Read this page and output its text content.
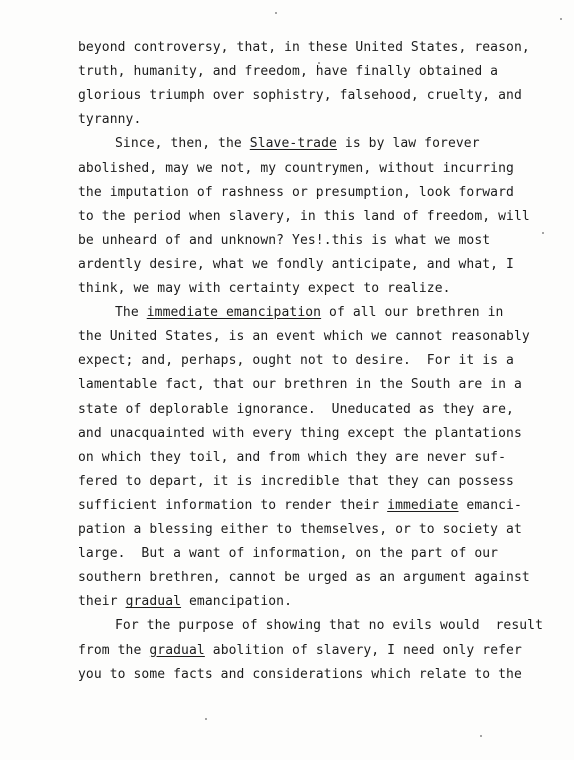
beyond controversy, that, in these United States, reason,
truth, humanity, and freedom, have finally obtained a
glorious triumph over sophistry, falsehood, cruelty, and
tyranny.
Since, then, the Slave-trade is by law forever
abolished, may we not, my countrymen, without incurring
the imputation of rashness or presumption, look forward
to the period when slavery, in this land of freedom, will
be unheard of and unknown? Yes!.this is what we most
ardently desire, what we fondly anticipate, and what, I
think, we may with certainty expect to realize.
The immediate emancipation of all our brethren in
the United States, is an event which we cannot reasonably
expect; and, perhaps, ought not to desire.  For it is a
lamentable fact, that our brethren in the South are in a
state of deplorable ignorance.  Uneducated as they are,
and unacquainted with every thing except the plantations
on which they toil, and from which they are never suf-
fered to depart, it is incredible that they can possess
sufficient information to render their immediate emanci-
pation a blessing either to themselves, or to society at
large.  But a want of information, on the part of our
southern brethren, cannot be urged as an argument against
their gradual emancipation.
For the purpose of showing that no evils would  result
from the gradual abolition of slavery, I need only refer
you to some facts and considerations which relate to the
